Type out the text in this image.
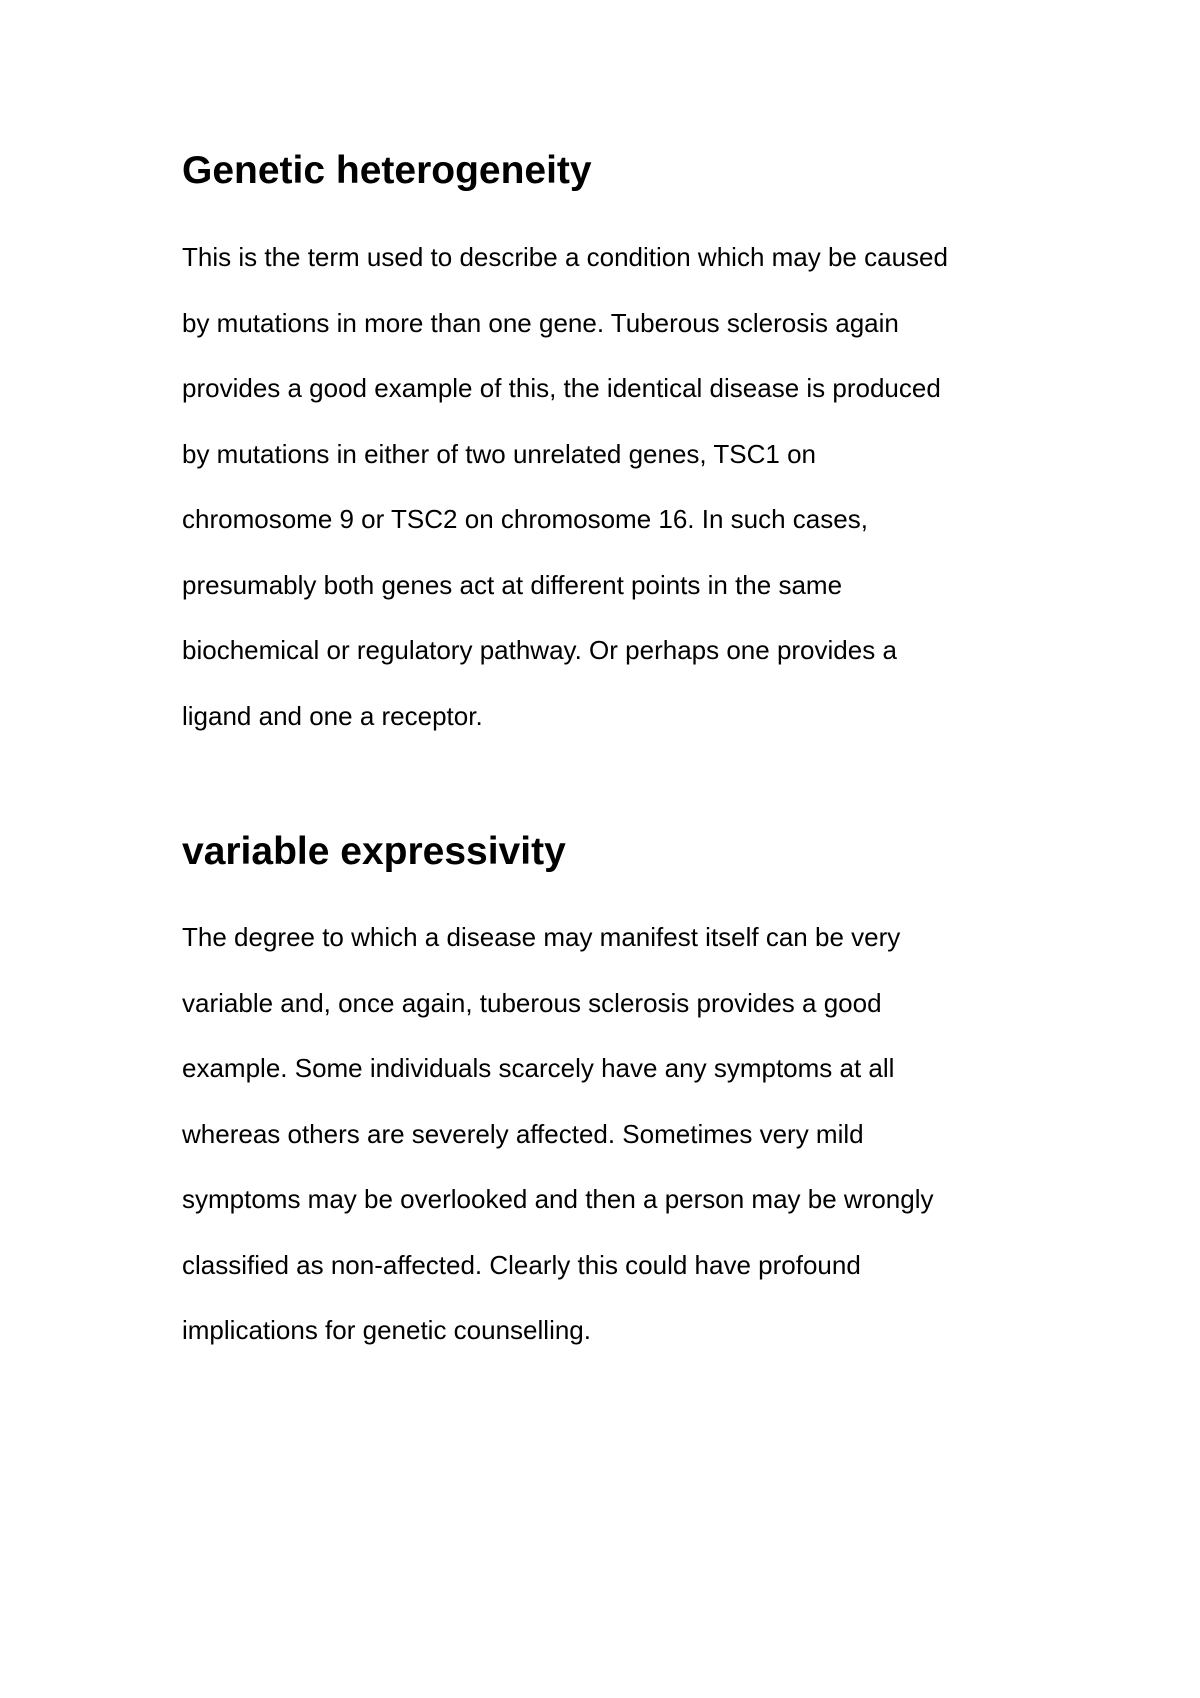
Genetic heterogeneity
This is the term used to describe a condition which may be caused
by mutations in more than one gene. Tuberous sclerosis again
provides a good example of this, the identical disease is produced
by mutations in either of two unrelated genes, TSC1 on
chromosome 9 or TSC2 on chromosome 16. In such cases,
presumably both genes act at different points in the same
biochemical or regulatory pathway. Or perhaps one provides a
ligand and one a receptor.
variable expressivity
The degree to which a disease may manifest itself can be very
variable and, once again, tuberous sclerosis provides a good
example. Some individuals scarcely have any symptoms at all
whereas others are severely affected. Sometimes very mild
symptoms may be overlooked and then a person may be wrongly
classified as non-affected. Clearly this could have profound
implications for genetic counselling.
